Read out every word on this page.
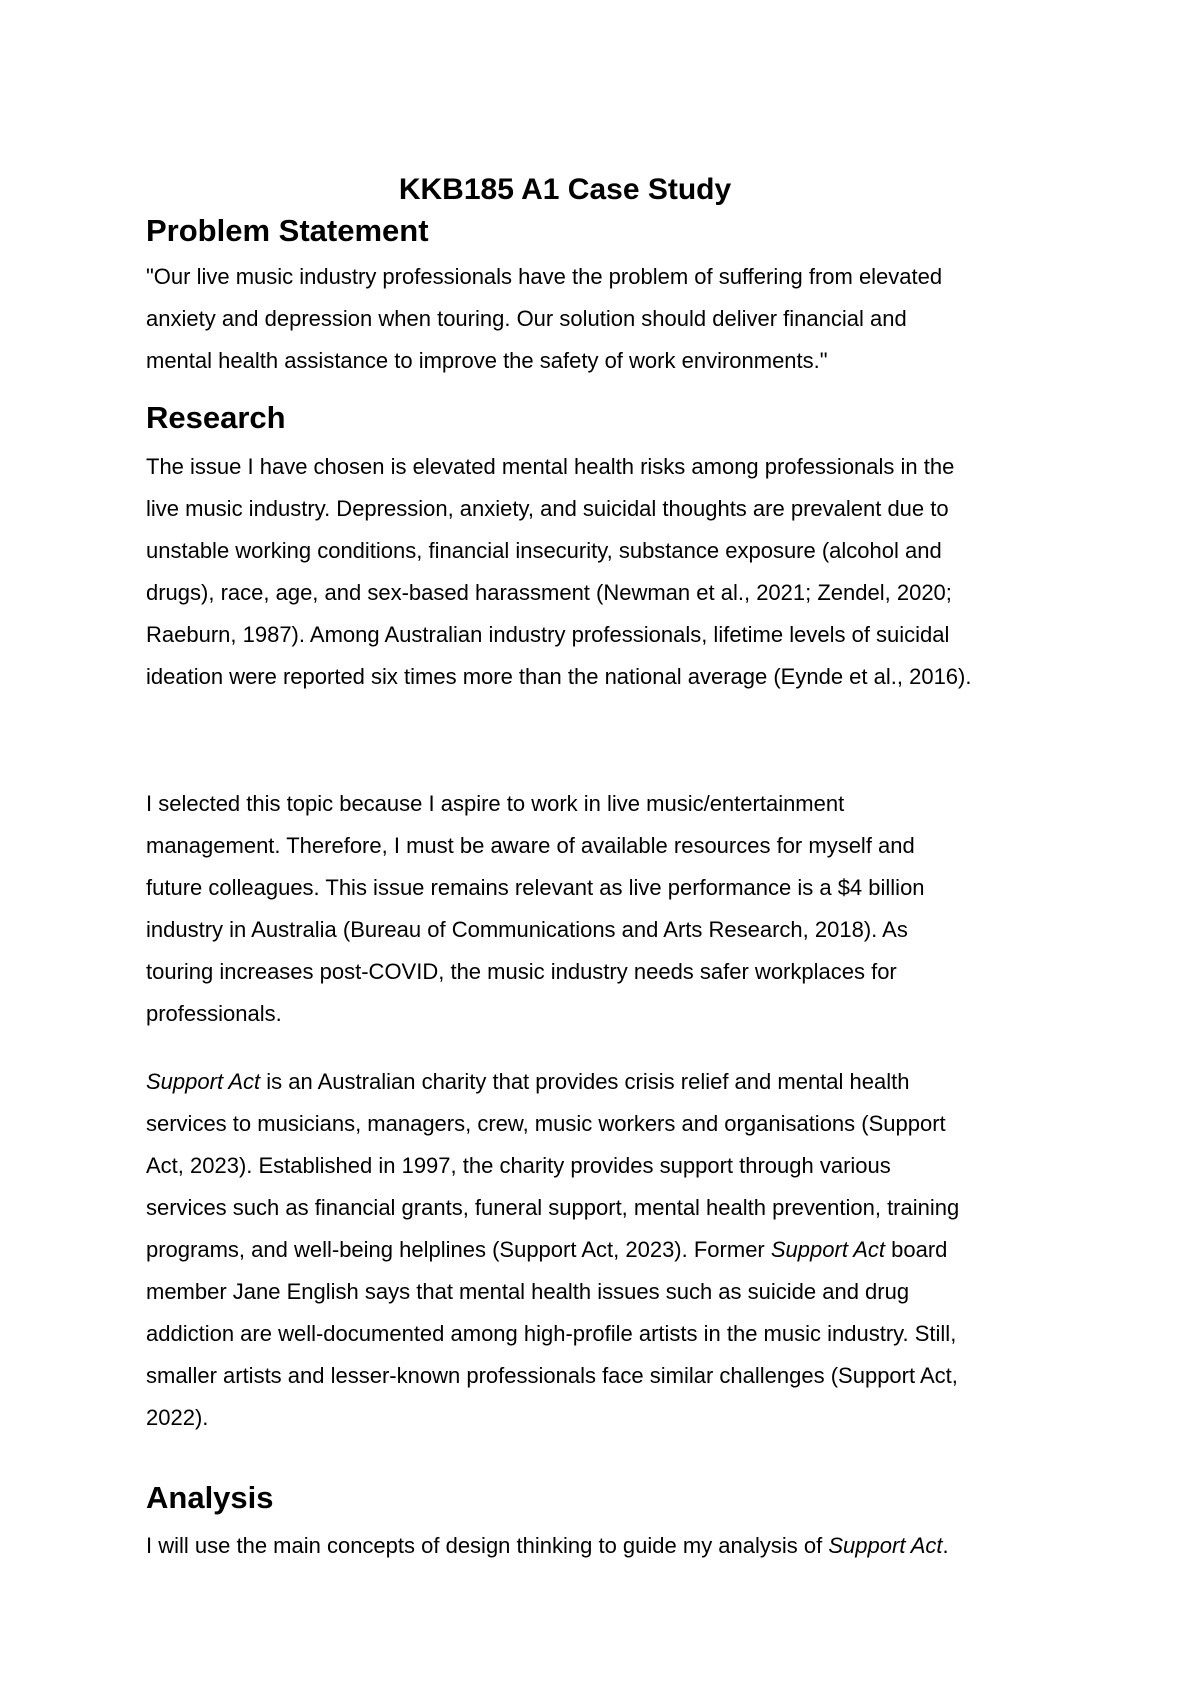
KKB185 A1 Case Study
Problem Statement

"Our live music industry professionals have the problem of suffering from elevated
anxiety and depression when touring. Our solution should deliver financial and
mental health assistance to improve the safety of work environments."

Research

The issue I have chosen is elevated mental health risks among professionals in the
live music industry. Depression, anxiety, and suicidal thoughts are prevalent due to
unstable working conditions, financial insecurity, substance exposure (alcohol and
drugs), race, age, and sex-based harassment (Newman et al., 2021; Zendel, 2020;
Raeburn, 1987). Among Australian industry professionals, lifetime levels of suicidal
ideation were reported six times more than the national average (Eynde et al., 2016).

I selected this topic because I aspire to work in live music/entertainment
management. Therefore, I must be aware of available resources for myself and
future colleagues. This issue remains relevant as live performance is a $4 billion
industry in Australia (Bureau of Communications and Arts Research, 2018). As
touring increases post-COVID, the music industry needs safer workplaces for
professionals.

Support Act is an Australian charity that provides crisis relief and mental health
services to musicians, managers, crew, music workers and organisations (Support
Act, 2023). Established in 1997, the charity provides support through various
services such as financial grants, funeral support, mental health prevention, training
programs, and well-being helplines (Support Act, 2023). Former Support Act board
member Jane English says that mental health issues such as suicide and drug
addiction are well-documented among high-profile artists in the music industry. Still,
smaller artists and lesser-known professionals face similar challenges (Support Act,
2022).

Analysis

I will use the main concepts of design thinking to guide my analysis of Support Act.
